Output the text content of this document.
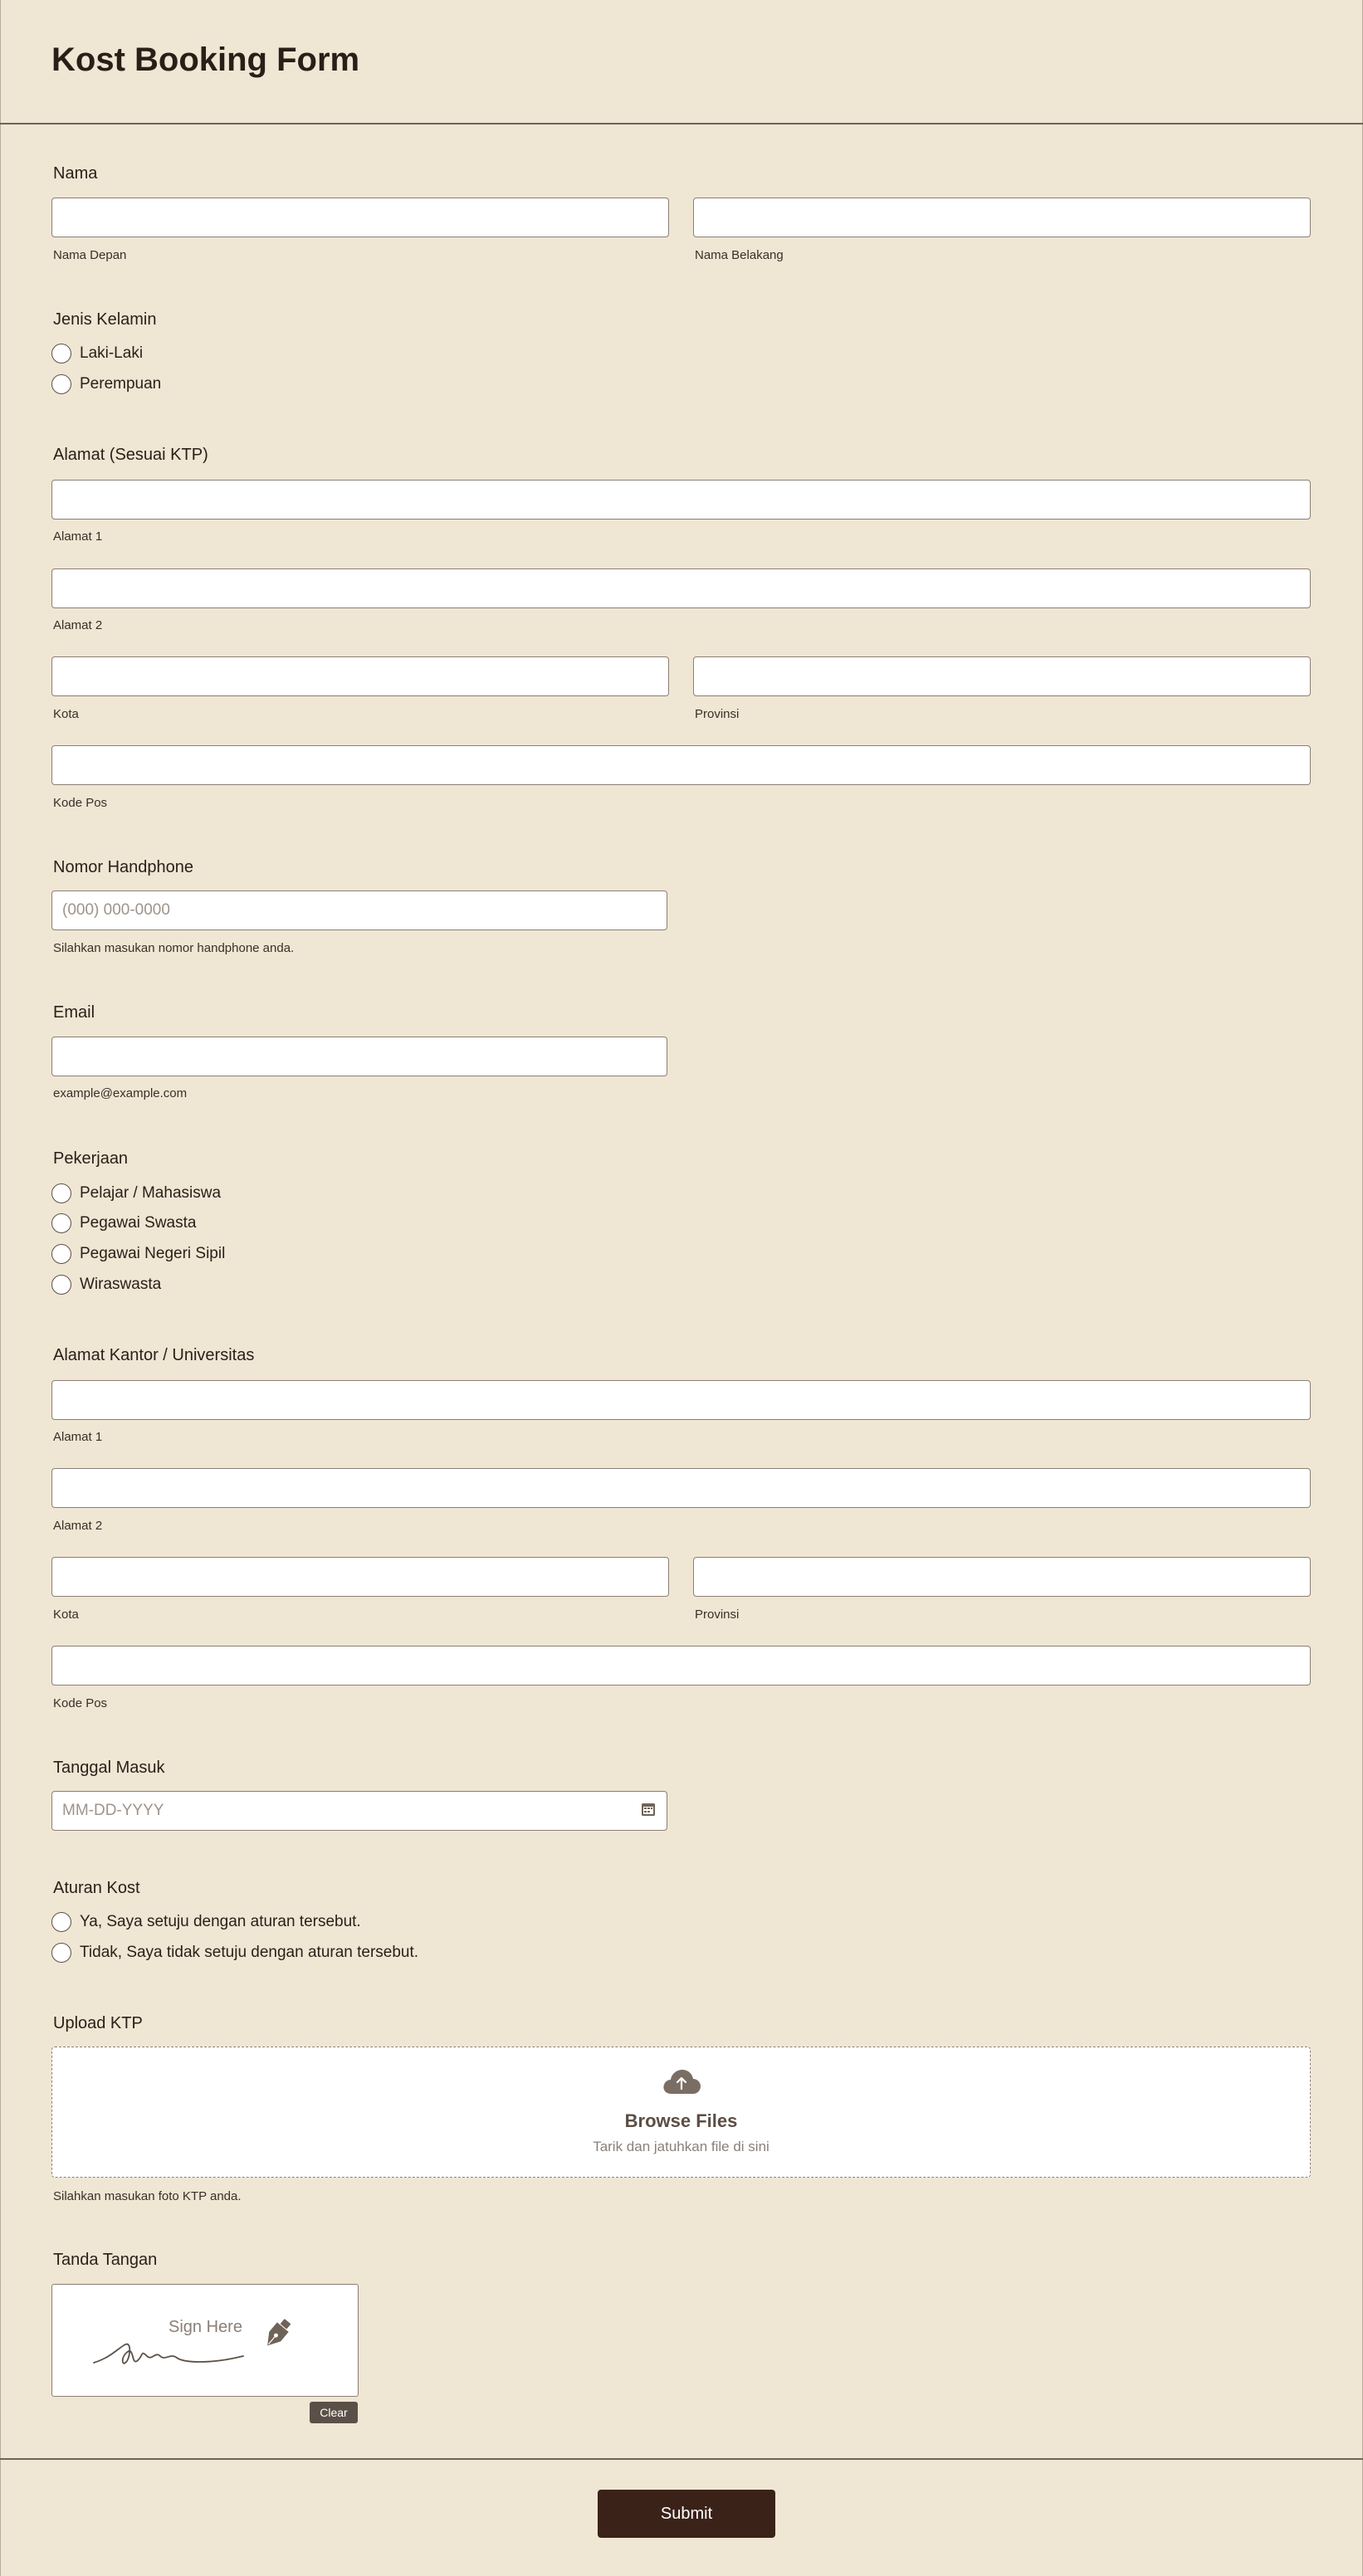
Kost Booking Form
Nama
Nama Depan	Nama Belakang
Jenis Kelamin
Laki-Laki
Perempuan
Alamat (Sesuai KTP)
Alamat 1
Alamat 2
Kota	Provinsi
Kode Pos
Nomor Handphone
(000) 000-0000
Silahkan masukan nomor handphone anda.
Email
example@example.com
Pekerjaan
Pelajar / Mahasiswa
Pegawai Swasta
Pegawai Negeri Sipil
Wiraswasta
Alamat Kantor / Universitas
Alamat 1
Alamat 2
Kota	Provinsi
Kode Pos
Tanggal Masuk
MM-DD-YYYY
Aturan Kost
Ya, Saya setuju dengan aturan tersebut.
Tidak, Saya tidak setuju dengan aturan tersebut.
Upload KTP
Browse Files
Tarik dan jatuhkan file di sini
Silahkan masukan foto KTP anda.
Tanda Tangan
Sign Here
Clear
Submit
